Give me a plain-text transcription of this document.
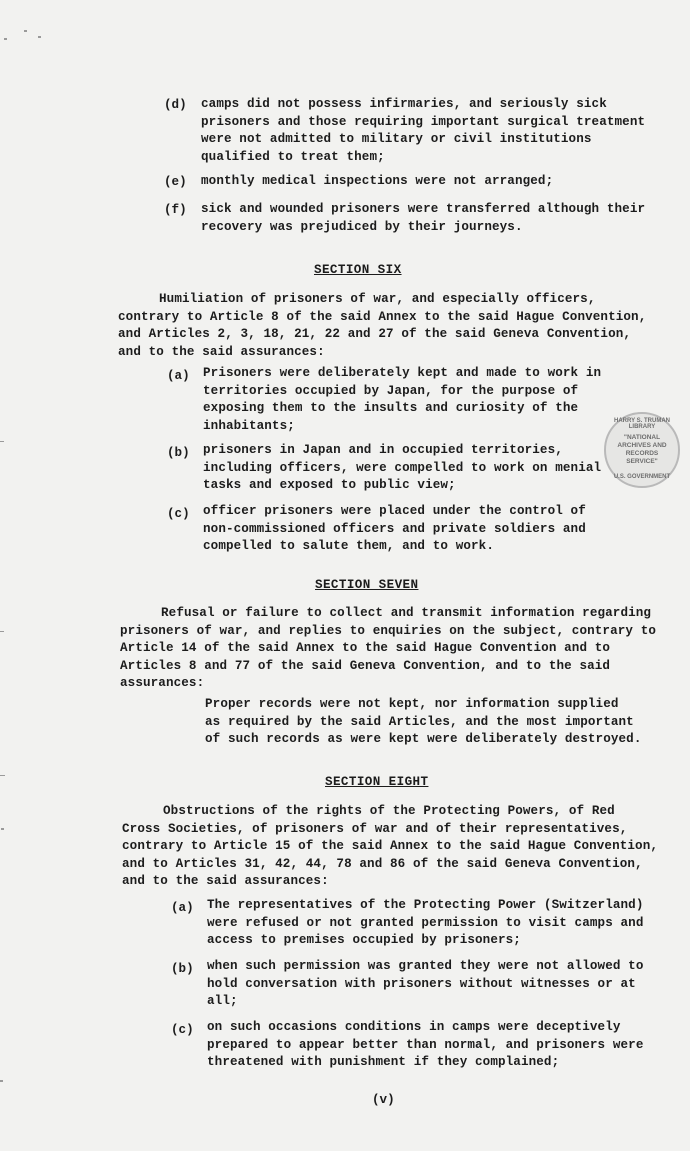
(d) camps did not possess infirmaries, and seriously sick
prisoners and those requiring important surgical treatment
were not admitted to military or civil institutions
qualified to treat them;
(e) monthly medical inspections were not arranged;
(f) sick and wounded prisoners were transferred although their
recovery was prejudiced by their journeys.
SECTION SIX
Humiliation of prisoners of war, and especially officers,
contrary to Article 8 of the said Annex to the said Hague Convention,
and Articles 2, 3, 18, 21, 22 and 27 of the said Geneva Convention,
and to the said assurances:
(a) Prisoners were deliberately kept and made to work in
territories occupied by Japan, for the purpose of
exposing them to the insults and curiosity of the
inhabitants;
(b) prisoners in Japan and in occupied territories,
including officers, were compelled to work on menial
tasks and exposed to public view;
(c) officer prisoners were placed under the control of
non-commissioned officers and private soldiers and
compelled to salute them, and to work.
SECTION SEVEN
Refusal or failure to collect and transmit information regarding
prisoners of war, and replies to enquiries on the subject, contrary to
Article 14 of the said Annex to the said Hague Convention and to
Articles 8 and 77 of the said Geneva Convention, and to the said
assurances:
Proper records were not kept, nor information supplied
as required by the said Articles, and the most important
of such records as were kept were deliberately destroyed.
SECTION EIGHT
Obstructions of the rights of the Protecting Powers, of Red
Cross Societies, of prisoners of war and of their representatives,
contrary to Article 15 of the said Annex to the said Hague Convention,
and to Articles 31, 42, 44, 78 and 86 of the said Geneva Convention,
and to the said assurances:
(a) The representatives of the Protecting Power (Switzerland)
were refused or not granted permission to visit camps and
access to premises occupied by prisoners;
(b) when such permission was granted they were not allowed to
hold conversation with prisoners without witnesses or at
all;
(c) on such occasions conditions in camps were deceptively
prepared to appear better than normal, and prisoners were
threatened with punishment if they complained;
(v)
HARRY S. TRUMAN LIBRARY
"NATIONAL
ARCHIVES AND
RECORDS
SERVICE"
U.S. GOVERNMENT
